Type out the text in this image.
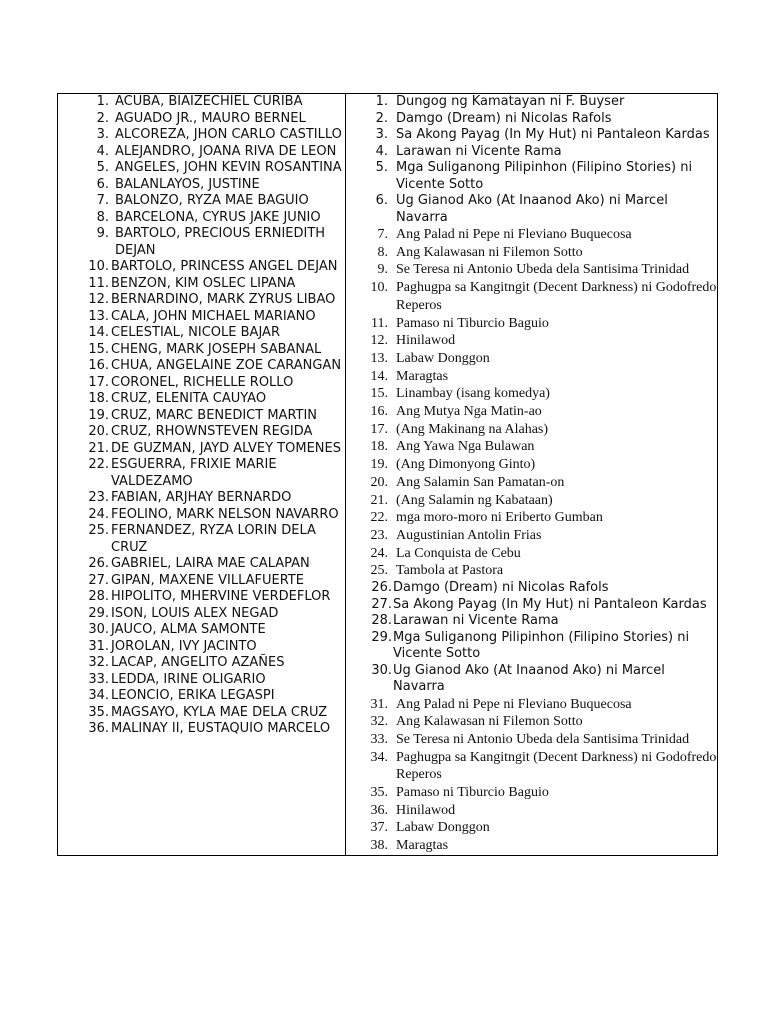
1. ACUBA, BIAIZECHIEL CURIBA
2. AGUADO JR., MAURO BERNEL
3. ALCOREZA, JHON CARLO CASTILLO
4. ALEJANDRO, JOANA RIVA DE LEON
5. ANGELES, JOHN KEVIN ROSANTINA
6. BALANLAYOS, JUSTINE
7. BALONZO, RYZA MAE BAGUIO
8. BARCELONA, CYRUS JAKE JUNIO
9. BARTOLO, PRECIOUS ERNIEDITH DEJAN
10. BARTOLO, PRINCESS ANGEL DEJAN
11. BENZON, KIM OSLEC LIPANA
12. BERNARDINO, MARK ZYRUS LIBAO
13. CALA, JOHN MICHAEL MARIANO
14. CELESTIAL, NICOLE BAJAR
15. CHENG, MARK JOSEPH SABANAL
16. CHUA, ANGELAINE ZOE CARANGAN
17. CORONEL, RICHELLE ROLLO
18. CRUZ, ELENITA CAUYAO
19. CRUZ, MARC BENEDICT MARTIN
20. CRUZ, RHOWNSTEVEN REGIDA
21. DE GUZMAN, JAYD ALVEY TOMENES
22. ESGUERRA, FRIXIE MARIE VALDEZAMO
23. FABIAN, ARJHAY BERNARDO
24. FEOLINO, MARK NELSON NAVARRO
25. FERNANDEZ, RYZA LORIN DELA CRUZ
26. GABRIEL, LAIRA MAE CALAPAN
27. GIPAN, MAXENE VILLAFUERTE
28. HIPOLITO, MHERVINE VERDEFLOR
29. ISON, LOUIS ALEX NEGAD
30. JAUCO, ALMA SAMONTE
31. JOROLAN, IVY JACINTO
32. LACAP, ANGELITO AZAÑES
33. LEDDA, IRINE OLIGARIO
34. LEONCIO, ERIKA LEGASPI
35. MAGSAYO, KYLA MAE DELA CRUZ
36. MALINAY II, EUSTAQUIO MARCELO

1. Dungog ng Kamatayan ni F. Buyser
2. Damgo (Dream) ni Nicolas Rafols
3. Sa Akong Payag (In My Hut) ni Pantaleon Kardas
4. Larawan ni Vicente Rama
5. Mga Suliganong Pilipinhon (Filipino Stories) ni Vicente Sotto
6. Ug Gianod Ako (At Inaanod Ako) ni Marcel Navarra
7. Ang Palad ni Pepe ni Fleviano Buquecosa
8. Ang Kalawasan ni Filemon Sotto
9. Se Teresa ni Antonio Ubeda dela Santisima Trinidad
10. Paghugpa sa Kangitngit (Decent Darkness) ni Godofredo Reperos
11. Pamaso ni Tiburcio Baguio
12. Hinilawod
13. Labaw Donggon
14. Maragtas
15. Linambay (isang komedya)
16. Ang Mutya Nga Matin-ao
17. (Ang Makinang na Alahas)
18. Ang Yawa Nga Bulawan
19. (Ang Dimonyong Ginto)
20. Ang Salamin San Pamatan-on
21. (Ang Salamin ng Kabataan)
22. mga moro-moro ni Eriberto Gumban
23. Augustinian Antolin Frias
24. La Conquista de Cebu
25. Tambola at Pastora
26. Damgo (Dream) ni Nicolas Rafols
27. Sa Akong Payag (In My Hut) ni Pantaleon Kardas
28. Larawan ni Vicente Rama
29. Mga Suliganong Pilipinhon (Filipino Stories) ni Vicente Sotto
30. Ug Gianod Ako (At Inaanod Ako) ni Marcel Navarra
31. Ang Palad ni Pepe ni Fleviano Buquecosa
32. Ang Kalawasan ni Filemon Sotto
33. Se Teresa ni Antonio Ubeda dela Santisima Trinidad
34. Paghugpa sa Kangitngit (Decent Darkness) ni Godofredo Reperos
35. Pamaso ni Tiburcio Baguio
36. Hinilawod
37. Labaw Donggon
38. Maragtas
